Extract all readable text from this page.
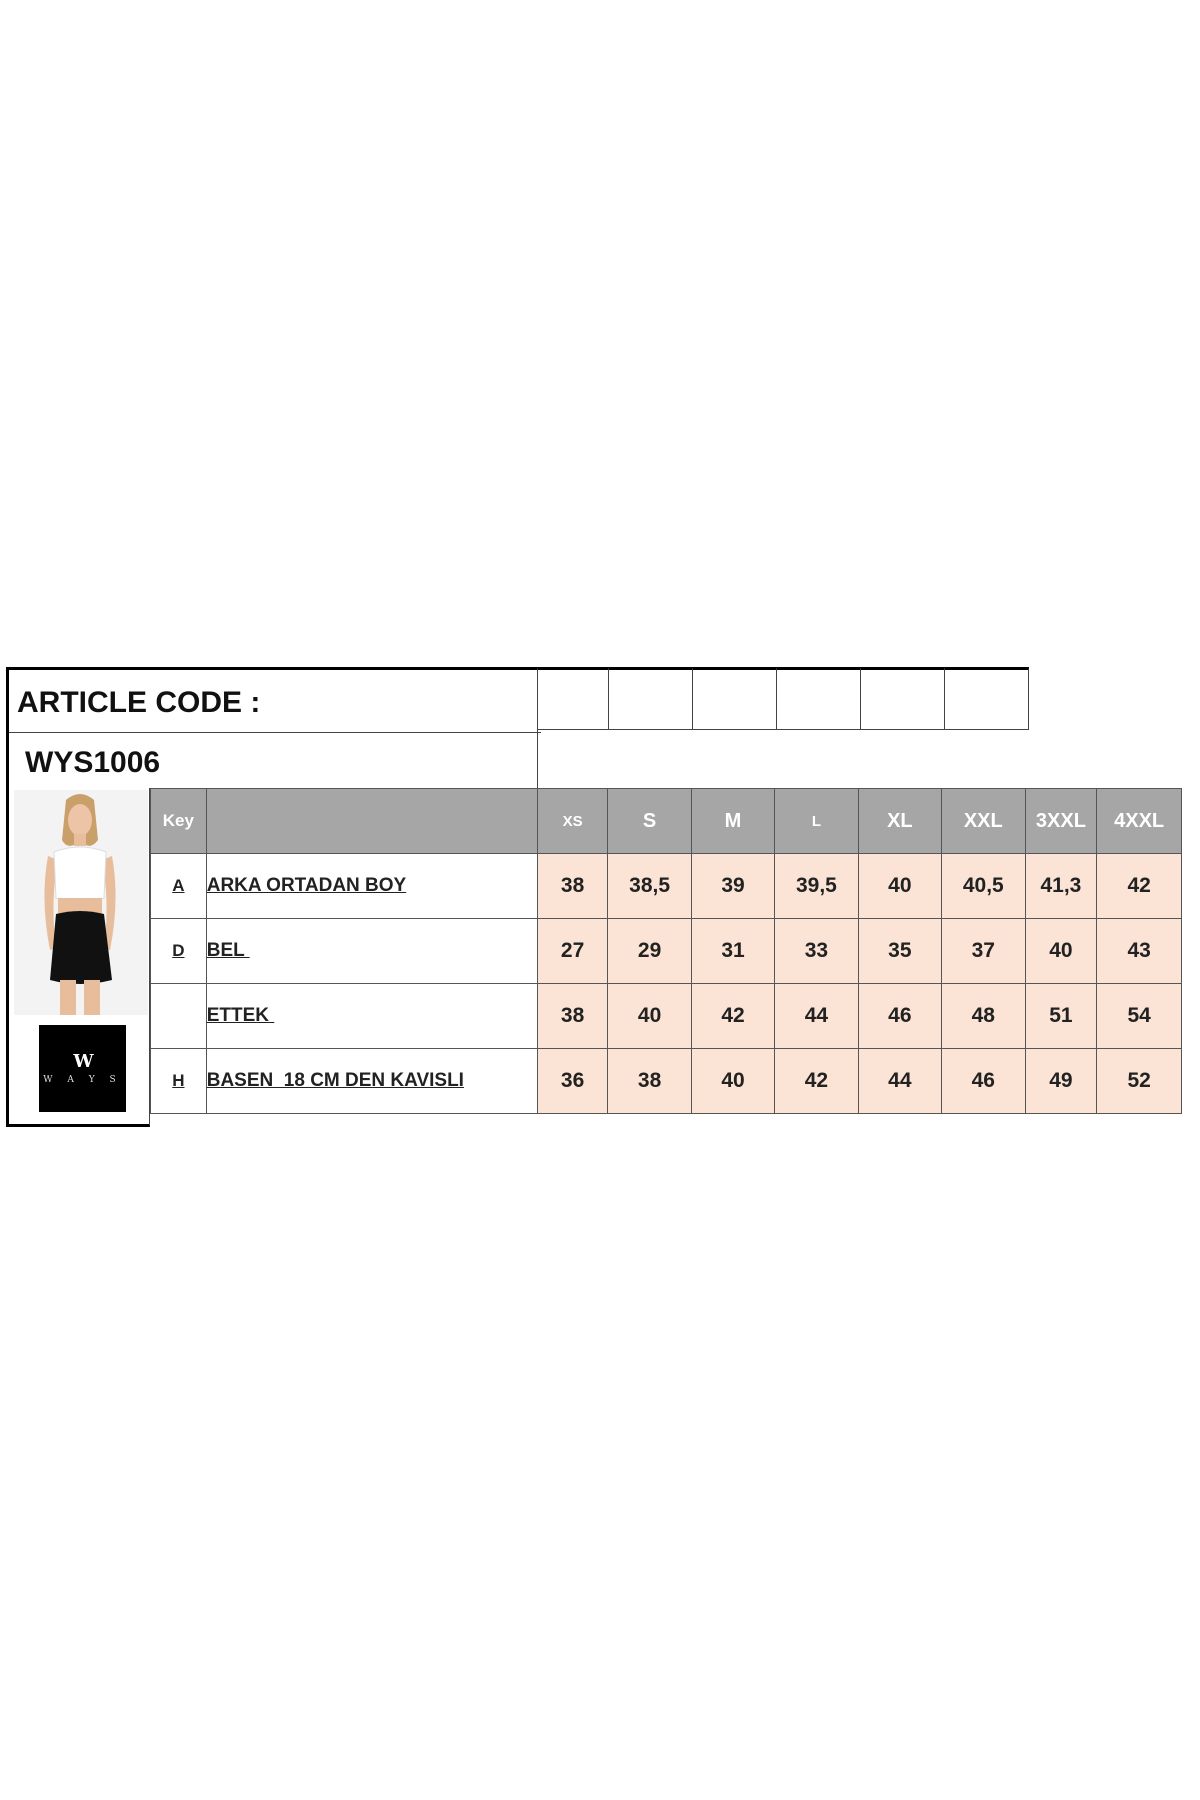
ARTICLE CODE :
WYS1006
W
W A Y S
Key		XS	S	M	L	XL	XXL	3XXL	4XXL
A	ARKA ORTADAN BOY	38	38,5	39	39,5	40	40,5	41,3	42
D	BEL	27	29	31	33	35	37	40	43
	ETTEK	38	40	42	44	46	48	51	54
H	BASEN  18 CM DEN KAVISLI	36	38	40	42	44	46	49	52
